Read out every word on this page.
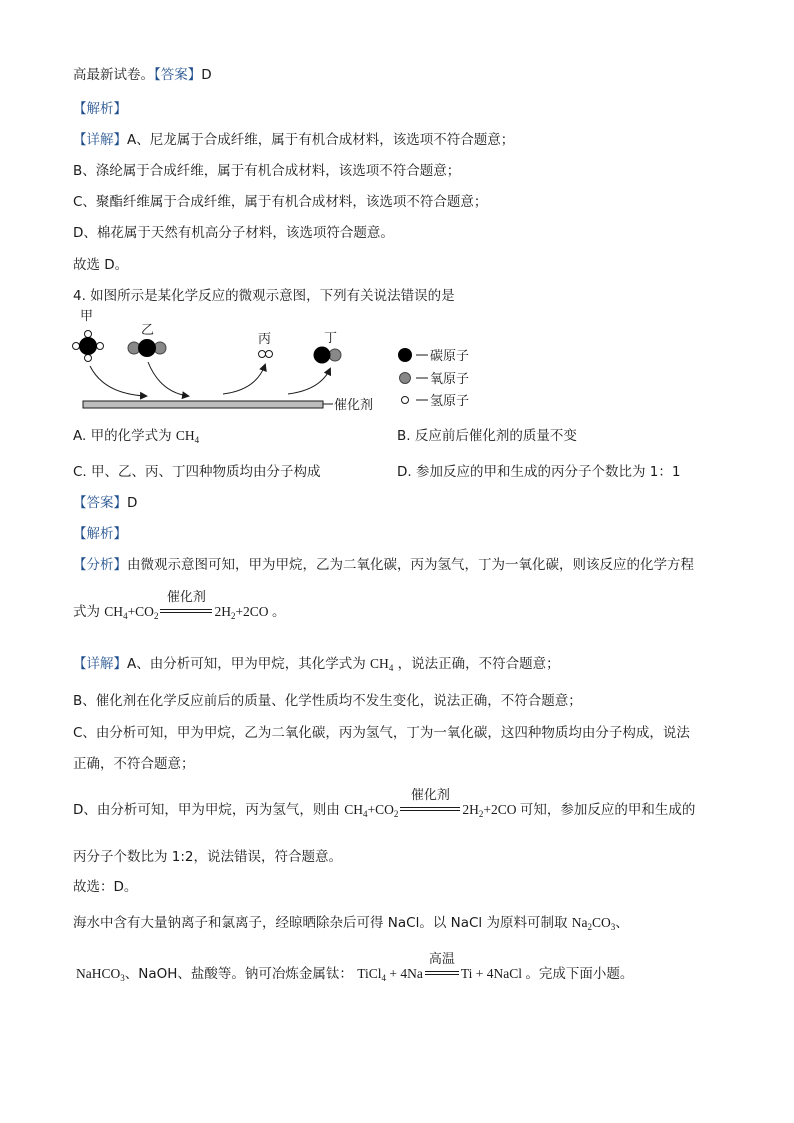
高最新试卷。【答案】D
【解析】
【详解】A、尼龙属于合成纤维，属于有机合成材料，该选项不符合题意；
B、涤纶属于合成纤维，属于有机合成材料，该选项不符合题意；
C、聚酯纤维属于合成纤维，属于有机合成材料，该选项不符合题意；
D、棉花属于天然有机高分子材料，该选项符合题意。
故选 D。
4. 如图所示是某化学反应的微观示意图，下列有关说法错误的是
甲
乙
丙	丁
催化剂
碳原子
氧原子
氢原子
A. 甲的化学式为 $CH_4$	B. 反应前后催化剂的质量不变
C. 甲、乙、丙、丁四种物质均由分子构成	D. 参加反应的甲和生成的丙分子个数比为 1：1
【答案】D
【解析】
【分析】由微观示意图可知，甲为甲烷，乙为二氧化碳，丙为氢气，丁为一氧化碳，则该反应的化学方程
式为 $CH_4+CO_2$
催化剂
$2H_2+2CO$ 。
【详解】A、由分析可知，甲为甲烷，其化学式为 $CH_4$ ，说法正确，不符合题意；
B、催化剂在化学反应前后的质量、化学性质均不发生变化，说法正确，不符合题意；
C、由分析可知，甲为甲烷，乙为二氧化碳，丙为氢气，丁为一氧化碳，这四种物质均由分子构成，说法
正确，不符合题意；
D、由分析可知，甲为甲烷，丙为氢气，则由 $CH_4+CO_2$
催化剂
$2H_2+2CO$ 可知，参加反应的甲和生成的
丙分子个数比为 1:2，说法错误，符合题意。
故选：D。
海水中含有大量钠离子和氯离子，经晾晒除杂后可得 NaCl。以 NaCl 为原料可制取 $Na_2CO_3$、
NaHCO$_3$、NaOH、盐酸等。钠可冶炼金属钛： TiCl$_4$ + 4Na
高温
Ti + 4NaCl 。完成下面小题。
